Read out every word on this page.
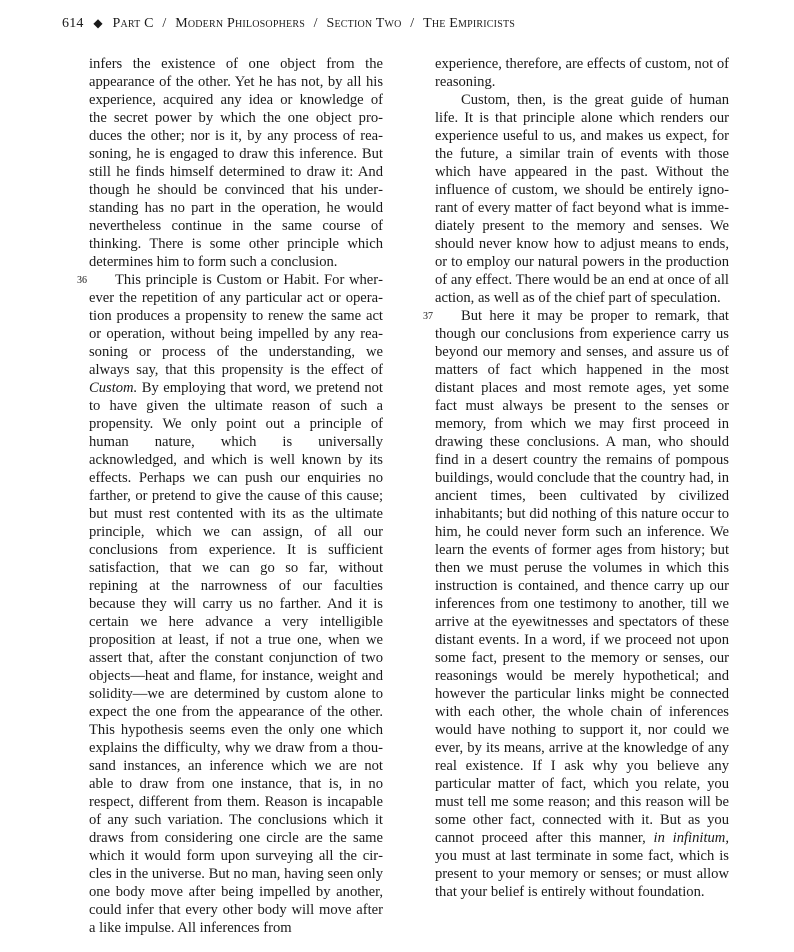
614 ◆ Part C / Modern Philosophers / Section Two / The Empiricists

infers the existence of one object from the appearance of the other. Yet he has not, by all his experience, acquired any idea or knowledge of the secret power by which the one object produces the other; nor is it, by any process of reasoning, he is engaged to draw this inference. But still he finds himself determined to draw it: And though he should be convinced that his understanding has no part in the operation, he would nevertheless continue in the same course of thinking. There is some other principle which determines him to form such a conclusion.

36 This principle is Custom or Habit. For wherever the repetition of any particular act or operation produces a propensity to renew the same act or operation, without being impelled by any reasoning or process of the understanding, we always say, that this propensity is the effect of Custom. By employing that word, we pretend not to have given the ultimate reason of such a propensity. We only point out a principle of human nature, which is universally acknowledged, and which is well known by its effects. Perhaps we can push our enquiries no farther, or pretend to give the cause of this cause; but must rest contented with its as the ultimate principle, which we can assign, of all our conclusions from experience. It is sufficient satisfaction, that we can go so far, without repining at the narrowness of our faculties because they will carry us no farther. And it is certain we here advance a very intelligible proposition at least, if not a true one, when we assert that, after the constant conjunction of two objects—heat and flame, for instance, weight and solidity—we are determined by custom alone to expect the one from the appearance of the other. This hypothesis seems even the only one which explains the difficulty, why we draw from a thousand instances, an inference which we are not able to draw from one instance, that is, in no respect, different from them. Reason is incapable of any such variation. The conclusions which it draws from considering one circle are the same which it would form upon surveying all the circles in the universe. But no man, having seen only one body move after being impelled by another, could infer that every other body will move after a like impulse. All inferences from

experience, therefore, are effects of custom, not of reasoning.

Custom, then, is the great guide of human life. It is that principle alone which renders our experience useful to us, and makes us expect, for the future, a similar train of events with those which have appeared in the past. Without the influence of custom, we should be entirely ignorant of every matter of fact beyond what is immediately present to the memory and senses. We should never know how to adjust means to ends, or to employ our natural powers in the production of any effect. There would be an end at once of all action, as well as of the chief part of speculation.

37 But here it may be proper to remark, that though our conclusions from experience carry us beyond our memory and senses, and assure us of matters of fact which happened in the most distant places and most remote ages, yet some fact must always be present to the senses or memory, from which we may first proceed in drawing these conclusions. A man, who should find in a desert country the remains of pompous buildings, would conclude that the country had, in ancient times, been cultivated by civilized inhabitants; but did nothing of this nature occur to him, he could never form such an inference. We learn the events of former ages from history; but then we must peruse the volumes in which this instruction is contained, and thence carry up our inferences from one testimony to another, till we arrive at the eyewitnesses and spectators of these distant events. In a word, if we proceed not upon some fact, present to the memory or senses, our reasonings would be merely hypothetical; and however the particular links might be connected with each other, the whole chain of inferences would have nothing to support it, nor could we ever, by its means, arrive at the knowledge of any real existence. If I ask why you believe any particular matter of fact, which you relate, you must tell me some reason; and this reason will be some other fact, connected with it. But as you cannot proceed after this manner, in infinitum, you must at last terminate in some fact, which is present to your memory or senses; or must allow that your belief is entirely without foundation.
